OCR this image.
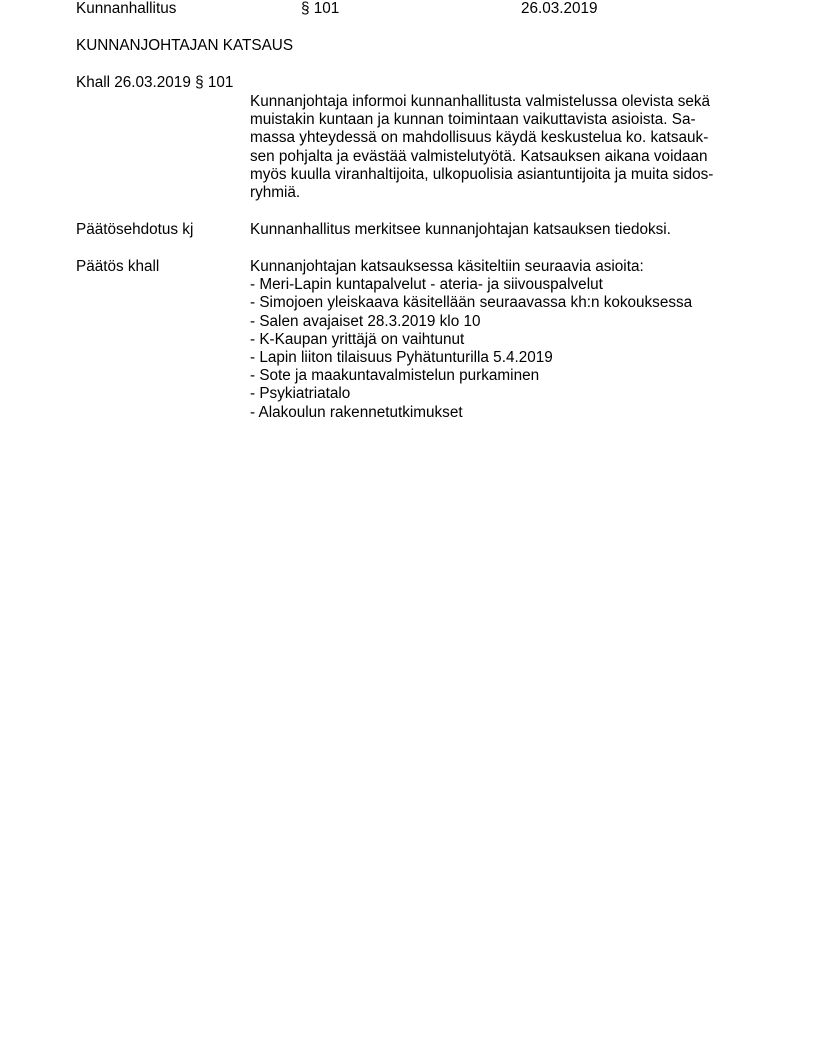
Kunnanhallitus	§ 101	26.03.2019
KUNNANJOHTAJAN KATSAUS
Khall 26.03.2019 § 101
Kunnanjohtaja informoi kunnanhallitusta valmistelussa olevista sekä
muistakin kuntaan ja kunnan toimintaan vaikuttavista asioista. Sa-
massa yhteydessä on mahdollisuus käydä keskustelua ko. katsauk-
sen pohjalta ja evästää valmistelutyötä. Katsauksen aikana voidaan
myös kuulla viranhaltijoita, ulkopuolisia asiantuntijoita ja muita sidos-
ryhmiä.
Päätösehdotus kj	Kunnanhallitus merkitsee kunnanjohtajan katsauksen tiedoksi.
Päätös khall	Kunnanjohtajan katsauksessa käsiteltiin seuraavia asioita:
- Meri-Lapin kuntapalvelut - ateria- ja siivouspalvelut
- Simojoen yleiskaava käsitellään seuraavassa kh:n kokouksessa
- Salen avajaiset 28.3.2019 klo 10
- K-Kaupan yrittäjä on vaihtunut
- Lapin liiton tilaisuus Pyhätunturilla 5.4.2019
- Sote ja maakuntavalmistelun purkaminen
- Psykiatriatalo
- Alakoulun rakennetutkimukset
